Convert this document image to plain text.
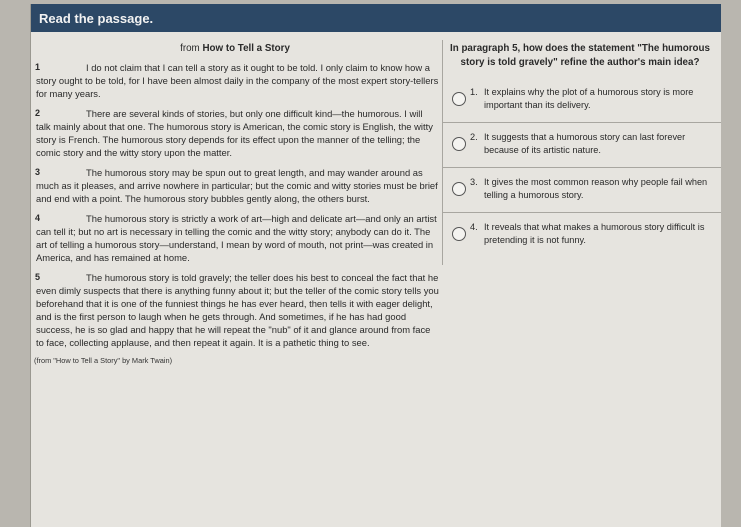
Read the passage.
from How to Tell a Story
1	I do not claim that I can tell a story as it ought to be told. I only claim to know how a story ought to be told, for I have been almost daily in the company of the most expert story-tellers for many years.
2	There are several kinds of stories, but only one difficult kind—the humorous. I will talk mainly about that one. The humorous story is American, the comic story is English, the witty story is French. The humorous story depends for its effect upon the manner of the telling; the comic story and the witty story upon the matter.
3	The humorous story may be spun out to great length, and may wander around as much as it pleases, and arrive nowhere in particular; but the comic and witty stories must be brief and end with a point. The humorous story bubbles gently along, the others burst.
4	The humorous story is strictly a work of art—high and delicate art—and only an artist can tell it; but no art is necessary in telling the comic and the witty story; anybody can do it. The art of telling a humorous story—understand, I mean by word of mouth, not print—was created in America, and has remained at home.
5	The humorous story is told gravely; the teller does his best to conceal the fact that he even dimly suspects that there is anything funny about it; but the teller of the comic story tells you beforehand that it is one of the funniest things he has ever heard, then tells it with eager delight, and is the first person to laugh when he gets through. And sometimes, if he has had good success, he is so glad and happy that he will repeat the "nub" of it and glance around from face to face, collecting applause, and then repeat it again. It is a pathetic thing to see.
(from "How to Tell a Story" by Mark Twain)
In paragraph 5, how does the statement "The humorous story is told gravely" refine the author's main idea?
1. It explains why the plot of a humorous story is more important than its delivery.
2. It suggests that a humorous story can last forever because of its artistic nature.
3. It gives the most common reason why people fail when telling a humorous story.
4. It reveals that what makes a humorous story difficult is pretending it is not funny.
